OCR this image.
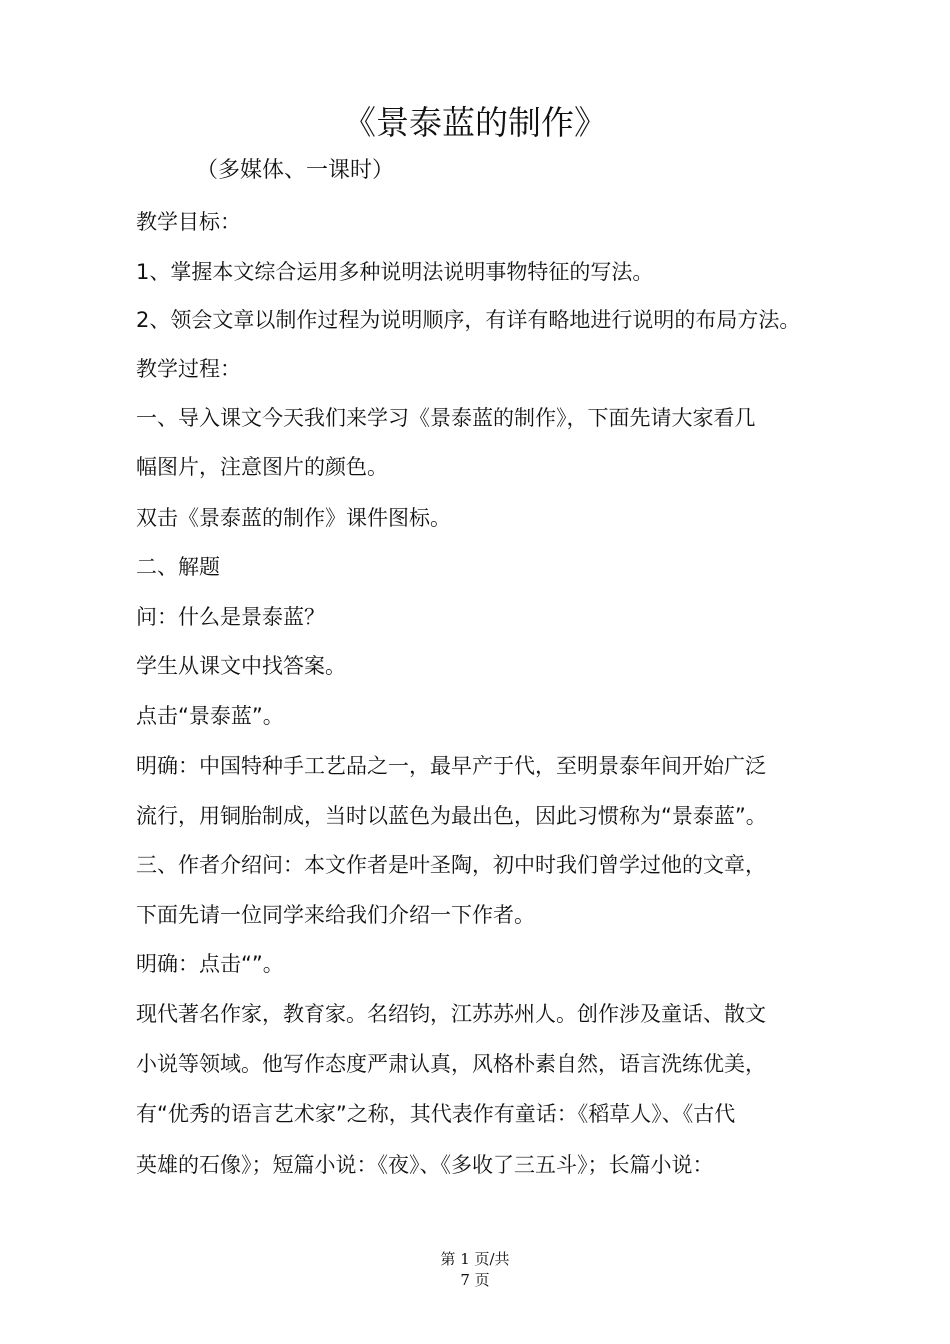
《景泰蓝的制作》
（多媒体、一课时）
教学目标：
1、掌握本文综合运用多种说明法说明事物特征的写法。
2、领会文章以制作过程为说明顺序，有详有略地进行说明的布局方法。
教学过程：
一、导入课文今天我们来学习《景泰蓝的制作》，下面先请大家看几
幅图片，注意图片的颜色。
双击《景泰蓝的制作》课件图标。
二、解题
问：什么是景泰蓝？
学生从课文中找答案。
点击“景泰蓝”。
明确：中国特种手工艺品之一，最早产于代，至明景泰年间开始广泛
流行，用铜胎制成，当时以蓝色为最出色，因此习惯称为“景泰蓝”。
三、作者介绍问：本文作者是叶圣陶，初中时我们曾学过他的文章，
下面先请一位同学来给我们介绍一下作者。
明确：点击“”。
现代著名作家，教育家。名绍钧，江苏苏州人。创作涉及童话、散文
小说等领域。他写作态度严肃认真，风格朴素自然，语言洗练优美，
有“优秀的语言艺术家”之称，其代表作有童话：《稻草人》、《古代
英雄的石像》；短篇小说：《夜》、《多收了三五斗》；长篇小说：
第 1 页/共
7 页
